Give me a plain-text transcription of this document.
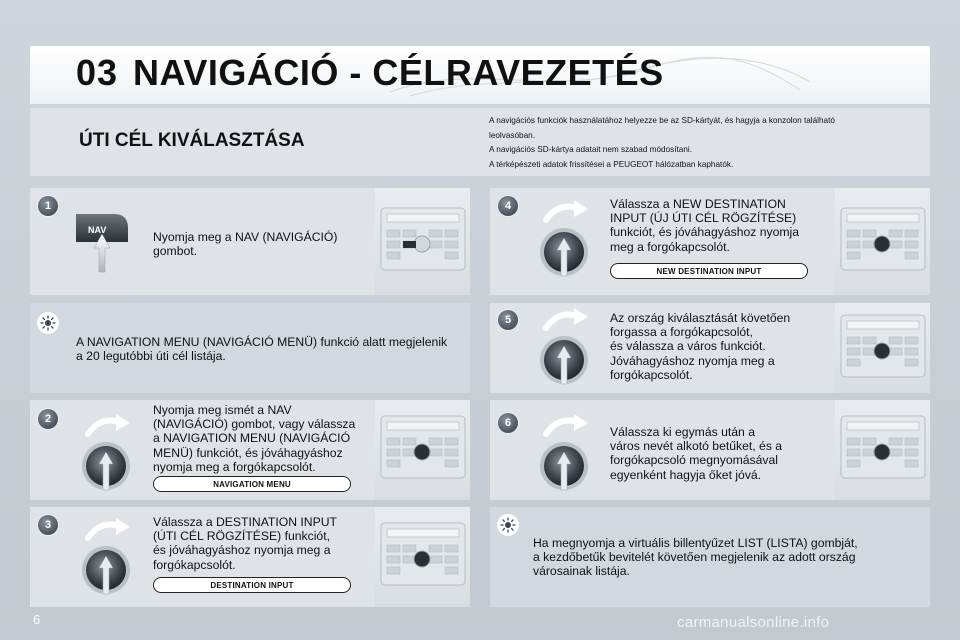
03 NAVIGÁCIÓ - CÉLRAVEZETÉS
ÚTI CÉL KIVÁLASZTÁSA
A navigációs funkciók használatához helyezze be az SD-kártyát, és hagyja a konzolon található
leolvasóban.
A navigációs SD-kártya adatait nem szabad módosítani.
A térképészeti adatok frissítései a PEUGEOT hálózatban kaphatók.
1
NAV	Nyomja meg a NAV (NAVIGÁCIÓ)
gombot.
A NAVIGATION MENU (NAVIGÁCIÓ MENÜ) funkció alatt megjelenik
a 20 legutóbbi úti cél listája.
2
Nyomja meg ismét a NAV
(NAVIGÁCIÓ) gombot, vagy válassza
a NAVIGATION MENU (NAVIGÁCIÓ
MENÜ) funkciót, és jóváhagyáshoz
nyomja meg a forgókapcsolót.
NAVIGATION MENU
3	Válassza a DESTINATION INPUT
(ÚTI CÉL RÖGZÍTÉSE) funkciót,
és jóváhagyáshoz nyomja meg a
forgókapcsolót.
DESTINATION INPUT
4	Válassza a NEW DESTINATION
INPUT (ÚJ ÚTI CÉL RÖGZÍTÉSE)
funkciót, és jóváhagyáshoz nyomja
meg a forgókapcsolót.
NEW DESTINATION INPUT
5	Az ország kiválasztását követően
forgassa a forgókapcsolót,
és válassza a város funkciót.
Jóváhagyáshoz nyomja meg a
forgókapcsolót.
6
Válassza ki egymás után a
város nevét alkotó betűket, és a
forgókapcsoló megnyomásával
egyenként hagyja őket jóvá.
Ha megnyomja a virtuális billentyűzet LIST (LISTA) gombját,
a kezdőbetűk bevitelét követően megjelenik az adott ország
városainak listája.
6	carmanualsonline.info
